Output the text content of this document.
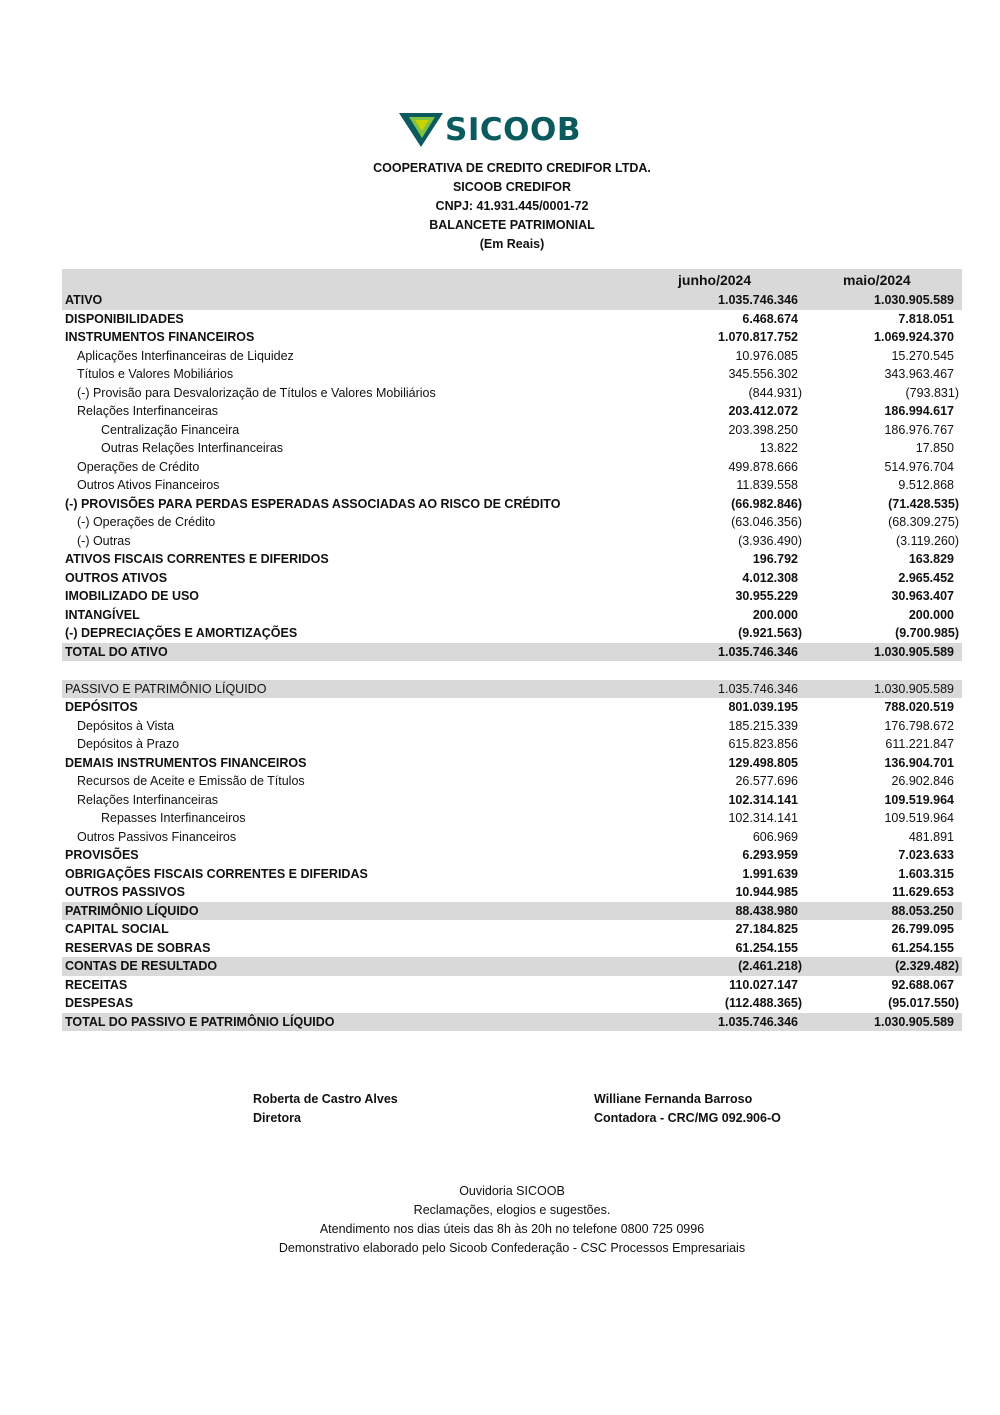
SICOOB
COOPERATIVA DE CREDITO CREDIFOR LTDA.
SICOOB CREDIFOR
CNPJ: 41.931.445/0001-72
BALANCETE PATRIMONIAL
(Em Reais)
junho/2024	maio/2024
ATIVO	1.035.746.346	1.030.905.589
DISPONIBILIDADES	6.468.674	7.818.051
INSTRUMENTOS FINANCEIROS	1.070.817.752	1.069.924.370
Aplicações Interfinanceiras de Liquidez	10.976.085	15.270.545
Títulos e Valores Mobiliários	345.556.302	343.963.467
(-) Provisão para Desvalorização de Títulos e Valores Mobiliários	(844.931)	(793.831)
Relações Interfinanceiras	203.412.072	186.994.617
Centralização Financeira	203.398.250	186.976.767
Outras Relações Interfinanceiras	13.822	17.850
Operações de Crédito	499.878.666	514.976.704
Outros Ativos Financeiros	11.839.558	9.512.868
(-) PROVISÕES PARA PERDAS ESPERADAS ASSOCIADAS AO RISCO DE CRÉDITO	(66.982.846)	(71.428.535)
(-) Operações de Crédito	(63.046.356)	(68.309.275)
(-) Outras	(3.936.490)	(3.119.260)
ATIVOS FISCAIS CORRENTES E DIFERIDOS	196.792	163.829
OUTROS ATIVOS	4.012.308	2.965.452
IMOBILIZADO DE USO	30.955.229	30.963.407
INTANGÍVEL	200.000	200.000
(-) DEPRECIAÇÕES E AMORTIZAÇÕES	(9.921.563)	(9.700.985)
TOTAL DO ATIVO	1.035.746.346	1.030.905.589
PASSIVO E PATRIMÔNIO LÍQUIDO	1.035.746.346	1.030.905.589
DEPÓSITOS	801.039.195	788.020.519
Depósitos à Vista	185.215.339	176.798.672
Depósitos à Prazo	615.823.856	611.221.847
DEMAIS INSTRUMENTOS FINANCEIROS	129.498.805	136.904.701
Recursos de Aceite e Emissão de Títulos	26.577.696	26.902.846
Relações Interfinanceiras	102.314.141	109.519.964
Repasses Interfinanceiros	102.314.141	109.519.964
Outros Passivos Financeiros	606.969	481.891
PROVISÕES	6.293.959	7.023.633
OBRIGAÇÕES FISCAIS CORRENTES E DIFERIDAS	1.991.639	1.603.315
OUTROS PASSIVOS	10.944.985	11.629.653
PATRIMÔNIO LÍQUIDO	88.438.980	88.053.250
CAPITAL SOCIAL	27.184.825	26.799.095
RESERVAS DE SOBRAS	61.254.155	61.254.155
CONTAS DE RESULTADO	(2.461.218)	(2.329.482)
RECEITAS	110.027.147	92.688.067
DESPESAS	(112.488.365)	(95.017.550)
TOTAL DO PASSIVO E PATRIMÔNIO LÍQUIDO	1.035.746.346	1.030.905.589
Roberta de Castro Alves
Diretora
Williane Fernanda Barroso
Contadora - CRC/MG 092.906-O
Ouvidoria SICOOB
Reclamações, elogios e sugestões.
Atendimento nos dias úteis das 8h às 20h no telefone 0800 725 0996
Demonstrativo elaborado pelo Sicoob Confederação - CSC Processos Empresariais
